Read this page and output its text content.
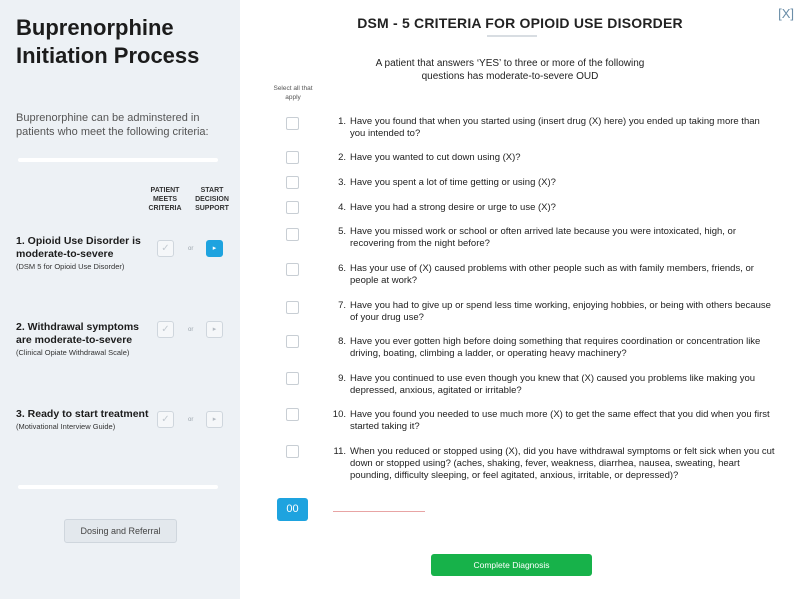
Buprenorphine Initiation Process
Buprenorphine can be adminstered in patients who meet the following criteria:
PATIENT MEETS CRITERIA
START DECISION SUPPORT
1. Opioid Use Disorder is moderate-to-severe
(DSM 5 for Opioid Use Disorder)
✓	or	▸
2. Withdrawal symptoms are moderate-to-severe
(Clinical Opiate Withdrawal Scale)
✓	or	▸
3. Ready to start treatment
(Motivational Interview Guide)
✓	or	▸
Dosing and Referral
[X]
DSM - 5 CRITERIA FOR OPIOID USE DISORDER
A patient that answers ‘YES’ to three or more of the following questions has moderate-to-severe OUD
Select all that apply
1. Have you found that when you started using (insert drug (X) here) you ended up taking more than you intended to?
2. Have you wanted to cut down using (X)?
3. Have you spent a lot of time getting or using (X)?
4. Have you had a strong desire or urge to use (X)?
5. Have you missed work or school or often arrived late because you were intoxicated, high, or recovering from the night before?
6. Has your use of (X) caused problems with other people such as with family members, friends, or people at work?
7. Have you had to give up or spend less time working, enjoying hobbies, or being with others because of your drug use?
8. Have you ever gotten high before doing something that requires coordination or concentration like driving, boating, climbing a ladder, or operating heavy machinery?
9. Have you continued to use even though you knew that (X) caused you problems like making you depressed, anxious, agitated or irritable?
10. Have you found you needed to use much more (X) to get the same effect that you did when you first started taking it?
11. When you reduced or stopped using (X), did you have withdrawal symptoms or felt sick when you cut down or stopped using? (aches, shaking, fever, weakness, diarrhea, nausea, sweating, heart pounding, difficulty sleeping, or feel agitated, anxious, irritable, or depressed)?
00
Complete Diagnosis
